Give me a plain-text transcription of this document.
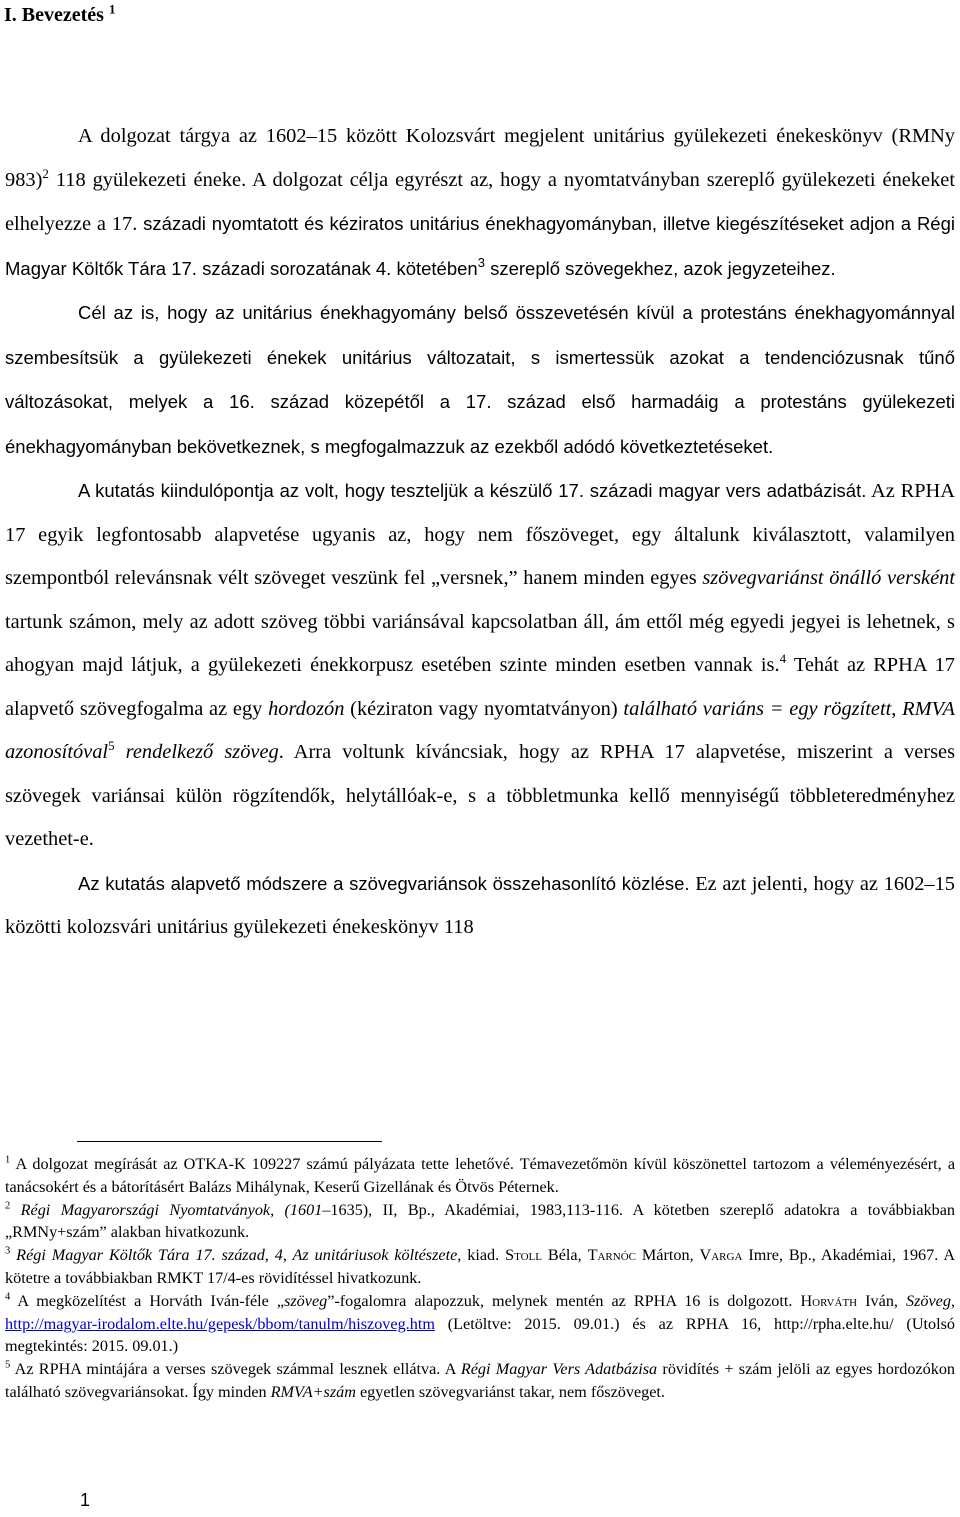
I. Bevezetés $^1$

A dolgozat tárgya az 1602–15 között Kolozsvárt megjelent unitárius gyülekezeti énekeskönyv (RMNy 983)$^2$ 118 gyülekezeti éneke. A dolgozat célja egyrészt az, hogy a nyomtatványban szereplő gyülekezeti énekeket elhelyezze a 17. századi nyomtatott és kéziratos unitárius énekhagyományban, illetve kiegészítéseket adjon a Régi Magyar Költők Tára 17. századi sorozatának 4. kötetében$^3$ szereplő szövegekhez, azok jegyzeteihez.

Cél az is, hogy az unitárius énekhagyomány belső összevetésén kívül a protestáns énekhagyománnyal szembesítsük a gyülekezeti énekek unitárius változatait, s ismertessük azokat a tendenciózusnak tűnő változásokat, melyek a 16. század közepétől a 17. század első harmadáig a protestáns gyülekezeti énekhagyományban bekövetkeznek, s megfogalmazzuk az ezekből adódó következtetéseket.

A kutatás kiindulópontja az volt, hogy teszteljük a készülő 17. századi magyar vers adatbázisát. Az RPHA 17 egyik legfontosabb alapvetése ugyanis az, hogy nem főszöveget, egy általunk kiválasztott, valamilyen szempontból relevánsnak vélt szöveget veszünk fel „versnek,” hanem minden egyes szövegvariánst önálló versként tartunk számon, mely az adott szöveg többi variánsával kapcsolatban áll, ám ettől még egyedi jegyei is lehetnek, s ahogyan majd látjuk, a gyülekezeti énekkorpusz esetében szinte minden esetben vannak is.$^4$ Tehát az RPHA 17 alapvető szövegfogalma az egy hordozón (kéziraton vagy nyomtatványon) található variáns = egy rögzített, RMVA azonosítóval$^5$ rendelkező szöveg. Arra voltunk kíváncsiak, hogy az RPHA 17 alapvetése, miszerint a verses szövegek variánsai külön rögzítendők, helytállóak-e, s a többletmunka kellő mennyiségű többleteredményhez vezethet-e.

Az kutatás alapvető módszere a szövegvariánsok összehasonlító közlése. Ez azt jelenti, hogy az 1602–15 közötti kolozsvári unitárius gyülekezeti énekeskönyv 118

$^1$ A dolgozat megírását az OTKA-K 109227 számú pályázata tette lehetővé. Témavezetőmön kívül köszönettel tartozom a véleményezésért, a tanácsokért és a bátorításért Balázs Mihálynak, Keserű Gizellának és Ötvös Péternek.

$^2$ Régi Magyarországi Nyomtatványok, (1601–1635), II, Bp., Akadémiai, 1983,113-116. A kötetben szereplő adatokra a továbbiakban „RMNy+szám” alakban hivatkozunk.

$^3$ Régi Magyar Költők Tára 17. század, 4, Az unitáriusok költészete, kiad. Stoll Béla, Tarnóc Márton, Varga Imre, Bp., Akadémiai, 1967. A kötetre a továbbiakban RMKT 17/4-es rövidítéssel hivatkozunk.

$^4$ A megközelítést a Horváth Iván-féle „szöveg”-fogalomra alapozzuk, melynek mentén az RPHA 16 is dolgozott. Horváth Iván, Szöveg, http://magyar-irodalom.elte.hu/gepesk/bbom/tanulm/hiszoveg.htm (Letöltve: 2015. 09.01.) és az RPHA 16, http://rpha.elte.hu/ (Utolsó megtekintés: 2015. 09.01.)

$^5$ Az RPHA mintájára a verses szövegek számmal lesznek ellátva. A Régi Magyar Vers Adatbázisa rövidítés + szám jelöli az egyes hordozókon található szövegvariánsokat. Így minden RMVA+szám egyetlen szövegvariánst takar, nem főszöveget.

1
